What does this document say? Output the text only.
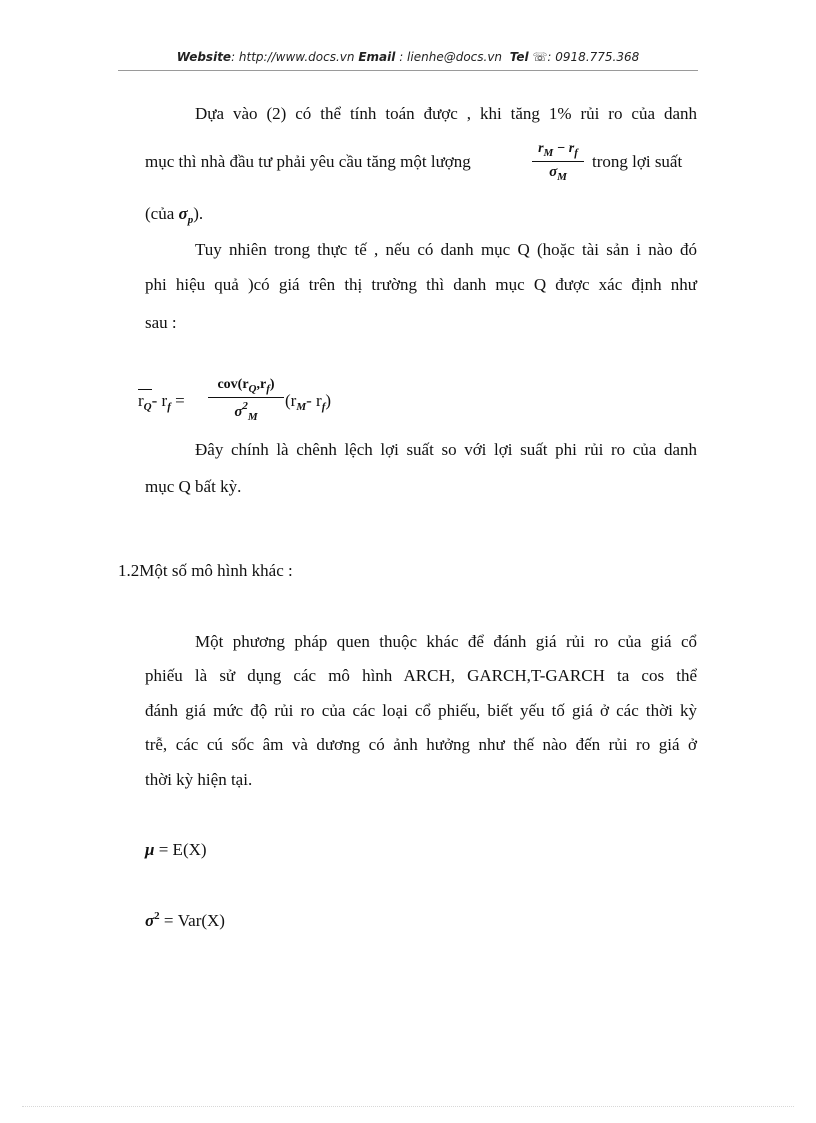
Website: http://www.docs.vn Email : lienhe@docs.vn Tel ☏: 0918.775.368
Dựa vào (2) có thể tính toán được , khi tăng 1% rủi ro của danh
mục thì nhà đầu tư phải yêu cầu tăng một lượng
$r_M - r_f$
$\sigma_M$
trong lợi suất
(của $\sigma_p$).
Tuy nhiên trong thực tế , nếu có danh mục Q (hoặc tài sản i nào đó
phi hiệu quả )có giá trên thị trường thì danh mục Q được xác định như
sau :
$r_Q-$ $r_f$ =
$cov(r_Q,r_f)$
$\sigma^2_M$
($r_M-$ $r_f$)
Đây chính là chênh lệch lợi suất so với lợi suất phi rủi ro của danh
mục Q bất kỳ.
1.2Một số mô hình khác :
Một phương pháp quen thuộc khác để đánh giá rủi ro của giá cổ
phiếu là sử dụng các mô hình ARCH, GARCH,T-GARCH ta cos thể
đánh giá mức độ rủi ro của các loại cổ phiếu, biết yếu tố giá ở các thời kỳ
trễ, các cú sốc âm và dương có ảnh hưởng như thế nào đến rủi ro giá ở
thời kỳ hiện tại.
μ = E(X)
$\sigma^2 = Var(X)$
